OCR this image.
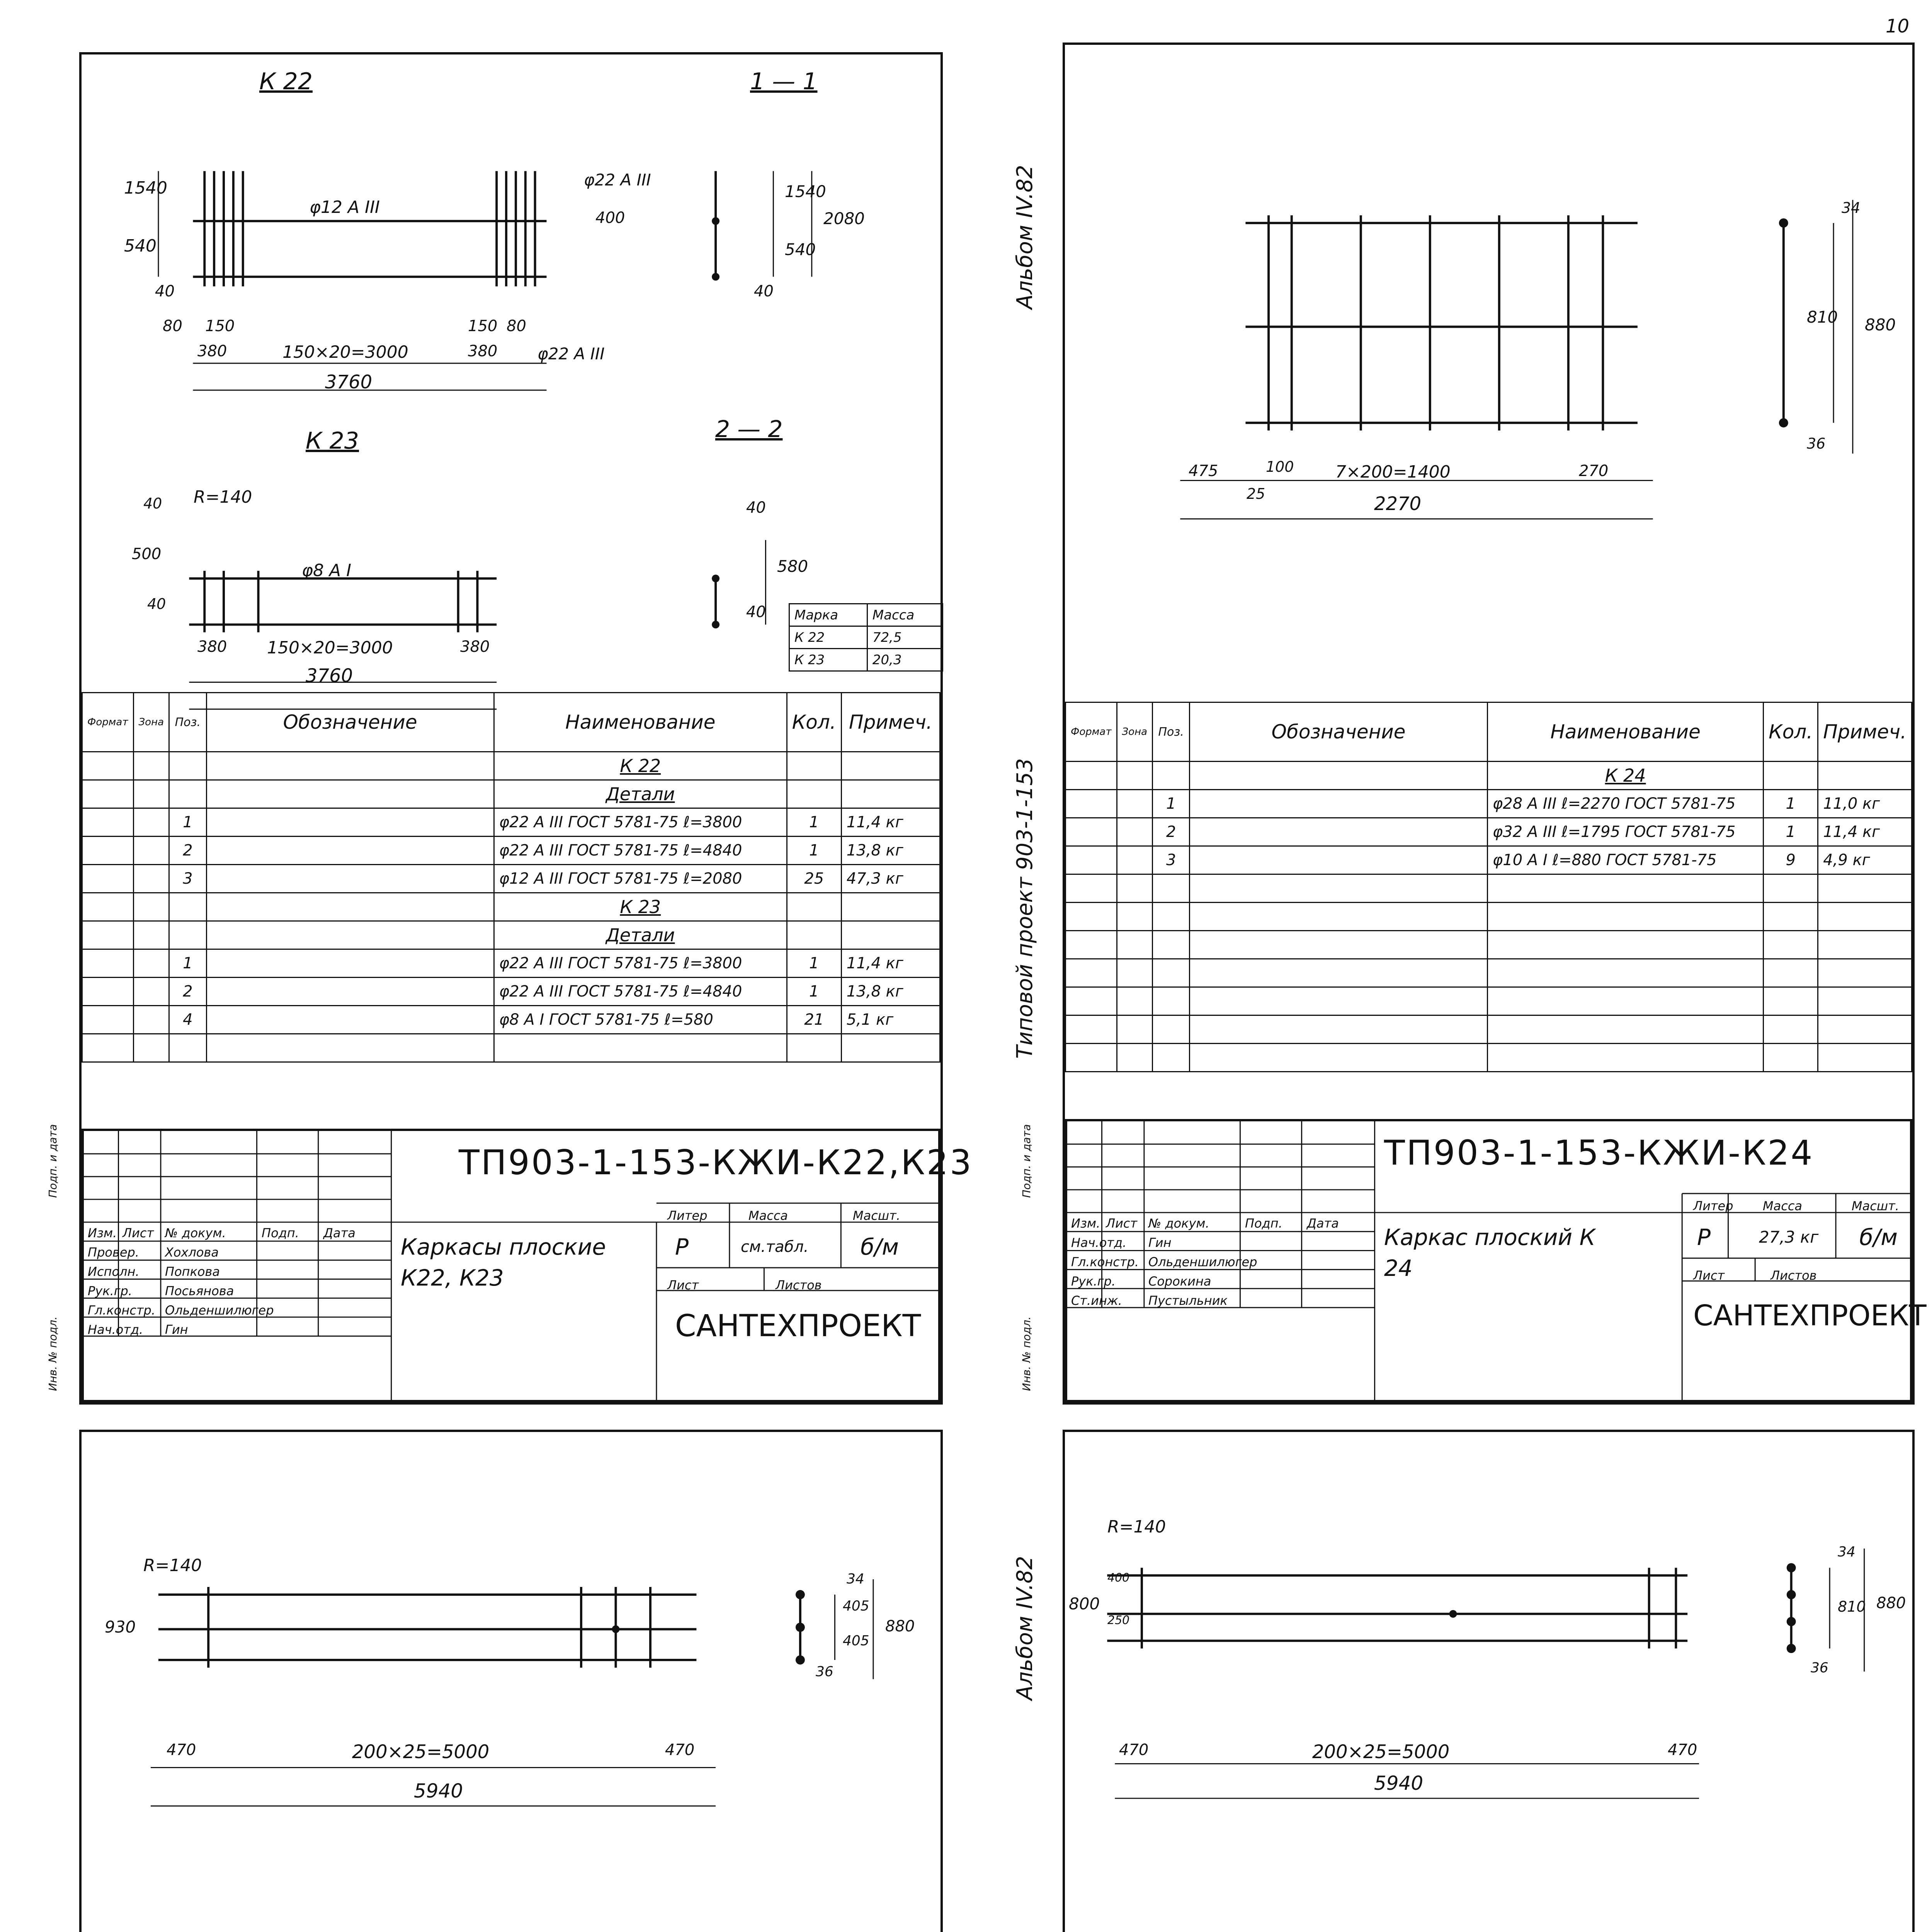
10
К 22
1540
540
40
80 150
380	150×20=3000	380
150 80
3760
φ12 A III
φ22 A III
φ22 A III
400
1 — 1
1540
540
40
2080
К 23
R=140
40
500
40
380 150×20=3000	380
3760
φ8 A I
2 — 2
40
580
40 Марка	Масса
К 22	72,5
К 23	20,3
Формат	Зона	Поз.	Обозначение	Наименование	Кол.	Примеч.
				К 22		
				Детали		
		1		φ22 A III ГОСТ 5781-75 ℓ=3800	1	11,4 кг
		2		φ22 A III ГОСТ 5781-75 ℓ=4840	1	13,8 кг
		3		φ12 A III ГОСТ 5781-75 ℓ=2080	25	47,3 кг
				К 23		
				Детали		
		1		φ22 A III ГОСТ 5781-75 ℓ=3800	1	11,4 кг
		2		φ22 A III ГОСТ 5781-75 ℓ=4840	1	13,8 кг
		4		φ8 A I ГОСТ 5781-75 ℓ=580	21	5,1 кг

ТП903-1-153-КЖИ-К22,К23
Каркасы плоские К22, К23
Изм. Лист № докум.	Подп. Дата
Провер. Хохлова
Исполн. Попкова
Рук.гр.	Посьянова
Гл.констр. Ольденшилюгер
Нач.отд. Гин
Литер	Масса	Масшт.
Р	см.табл. б/м
Лист	Листов
САНТЕХПРОЕКТ
Подп. и дата
Инв. № подл.
475	100
25
7×200=1400	270
2270
34
810
36
880
Формат	Зона	Поз.	Обозначение	Наименование	Кол.	Примеч.
				К 24		
		1		φ28 A III ℓ=2270 ГОСТ 5781-75	1	11,0 кг
		2		φ32 A III ℓ=1795 ГОСТ 5781-75	1	11,4 кг
		3		φ10 A I ℓ=880 ГОСТ 5781-75	9	4,9 кг

ТП903-1-153-КЖИ-К24
Каркас плоский К 24
Изм. Лист № докум.	Подп. Дата
Нач.отд. Гин
Гл.констр. Ольденшилюгер
Рук.гр.	Сорокина
Ст.инж. Пустыльник
Литер Масса	Масшт.
Р	27,3 кг б/м
Лист	Листов
САНТЕХПРОЕКТ
Альбом IV.82
Типовой проект 903-1-153
Подп. и дата
Инв. № подл.
R=140
930
470	200×25=5000	470
5940
34
405
405
36
880

R=140
800
250
400
470	200×25=5000	470
5940
34
810
36
880

Альбом IV.82
